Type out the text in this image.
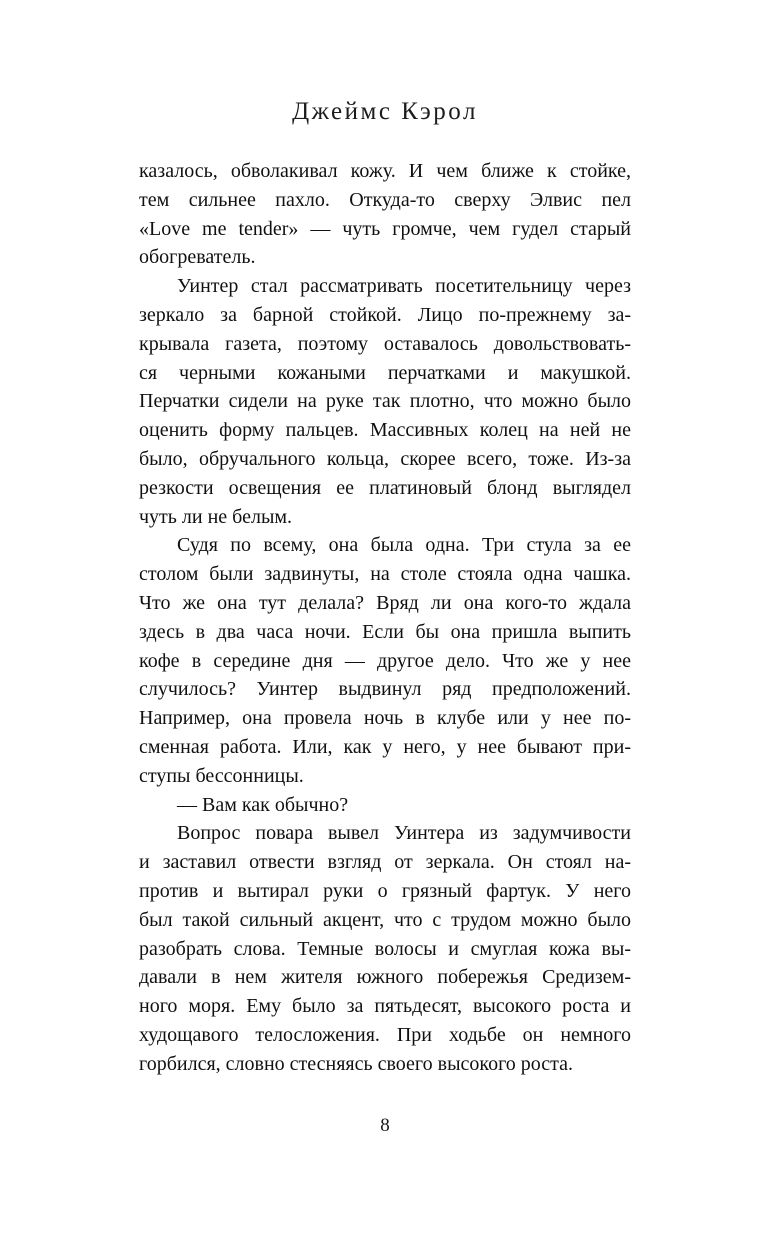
Джеймс Кэрол
казалось, обволакивал кожу. И чем ближе к стойке,
тем сильнее пахло. Откуда-то сверху Элвис пел
«Love me tender» — чуть громче, чем гудел старый
обогреватель.
Уинтер стал рассматривать посетительницу через
зеркало за барной стойкой. Лицо по-прежнему за-
крывала газета, поэтому оставалось довольствовать-
ся черными кожаными перчатками и макушкой.
Перчатки сидели на руке так плотно, что можно было
оценить форму пальцев. Массивных колец на ней не
было, обручального кольца, скорее всего, тоже. Из-за
резкости освещения ее платиновый блонд выглядел
чуть ли не белым.
Судя по всему, она была одна. Три стула за ее
столом были задвинуты, на столе стояла одна чашка.
Что же она тут делала? Вряд ли она кого-то ждала
здесь в два часа ночи. Если бы она пришла выпить
кофе в середине дня — другое дело. Что же у нее
случилось? Уинтер выдвинул ряд предположений.
Например, она провела ночь в клубе или у нее по-
сменная работа. Или, как у него, у нее бывают при-
ступы бессонницы.
— Вам как обычно?
Вопрос повара вывел Уинтера из задумчивости
и заставил отвести взгляд от зеркала. Он стоял на-
против и вытирал руки о грязный фартук. У него
был такой сильный акцент, что с трудом можно было
разобрать слова. Темные волосы и смуглая кожа вы-
давали в нем жителя южного побережья Средизем-
ного моря. Ему было за пятьдесят, высокого роста и
худощавого телосложения. При ходьбе он немного
горбился, словно стесняясь своего высокого роста.
8
